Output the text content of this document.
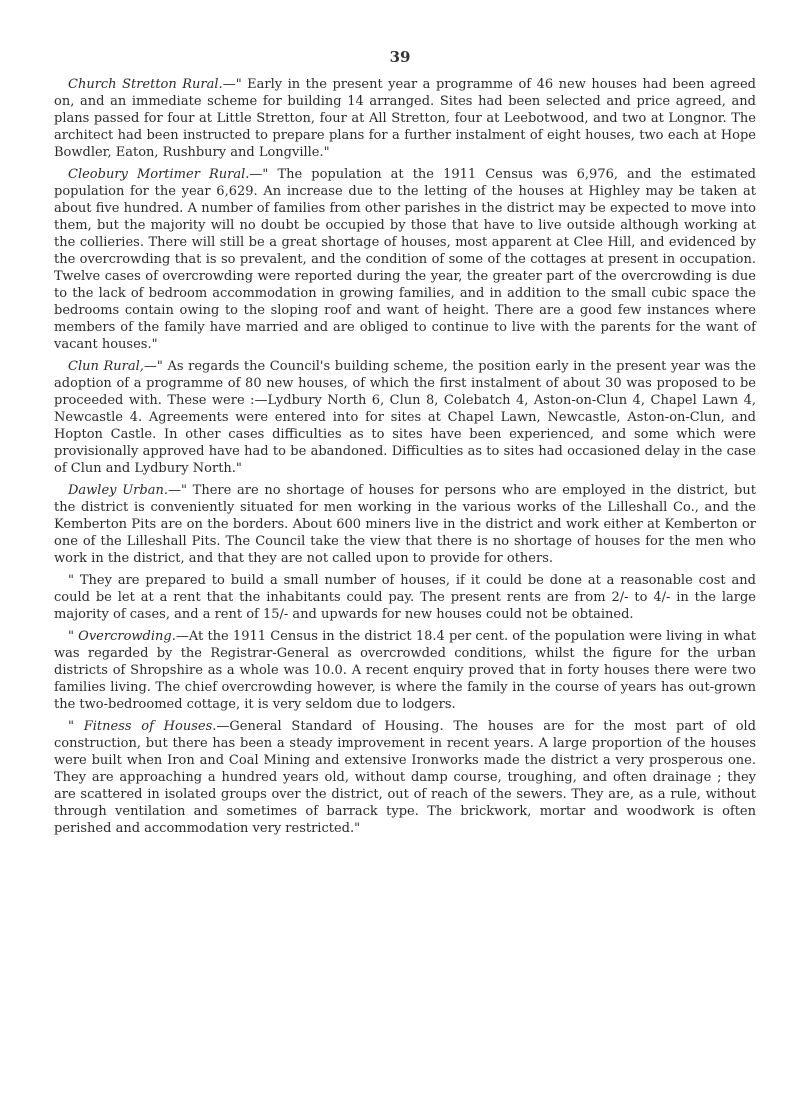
39

Church Stretton Rural.—" Early in the present year a programme of 46 new houses had been agreed on, and an immediate scheme for building 14 arranged. Sites had been selected and price agreed, and plans passed for four at Little Stretton, four at All Stretton, four at Leebotwood, and two at Longnor. The architect had been instructed to prepare plans for a further instalment of eight houses, two each at Hope Bowdler, Eaton, Rushbury and Longville."

Cleobury Mortimer Rural.—" The population at the 1911 Census was 6,976, and the estimated population for the year 6,629. An increase due to the letting of the houses at Highley may be taken at about five hundred. A number of families from other parishes in the district may be expected to move into them, but the majority will no doubt be occupied by those that have to live outside although working at the collieries. There will still be a great shortage of houses, most apparent at Clee Hill, and evidenced by the overcrowding that is so prevalent, and the condition of some of the cottages at present in occupation. Twelve cases of overcrowding were reported during the year, the greater part of the overcrowding is due to the lack of bedroom accommodation in growing families, and in addition to the small cubic space the bedrooms contain owing to the sloping roof and want of height. There are a good few instances where members of the family have married and are obliged to continue to live with the parents for the want of vacant houses."

Clun Rural,—" As regards the Council's building scheme, the position early in the present year was the adoption of a programme of 80 new houses, of which the first instalment of about 30 was proposed to be proceeded with. These were :—Lydbury North 6, Clun 8, Colebatch 4, Aston-on-Clun 4, Chapel Lawn 4, Newcastle 4. Agreements were entered into for sites at Chapel Lawn, Newcastle, Aston-on-Clun, and Hopton Castle. In other cases difficulties as to sites have been experienced, and some which were provisionally approved have had to be abandoned. Difficulties as to sites had occasioned delay in the case of Clun and Lydbury North."

Dawley Urban.—" There are no shortage of houses for persons who are employed in the district, but the district is conveniently situated for men working in the various works of the Lilleshall Co., and the Kemberton Pits are on the borders. About 600 miners live in the district and work either at Kemberton or one of the Lilleshall Pits. The Council take the view that there is no shortage of houses for the men who work in the district, and that they are not called upon to provide for others.

" They are prepared to build a small number of houses, if it could be done at a reasonable cost and could be let at a rent that the inhabitants could pay. The present rents are from 2/- to 4/- in the large majority of cases, and a rent of 15/- and upwards for new houses could not be obtained.

" Overcrowding.—At the 1911 Census in the district 18.4 per cent. of the population were living in what was regarded by the Registrar-General as overcrowded conditions, whilst the figure for the urban districts of Shropshire as a whole was 10.0. A recent enquiry proved that in forty houses there were two families living. The chief overcrowding however, is where the family in the course of years has out-grown the two-bedroomed cottage, it is very seldom due to lodgers.

" Fitness of Houses.—General Standard of Housing. The houses are for the most part of old construction, but there has been a steady improvement in recent years. A large proportion of the houses were built when Iron and Coal Mining and extensive Ironworks made the district a very prosperous one. They are approaching a hundred years old, without damp course, troughing, and often drainage ; they are scattered in isolated groups over the district, out of reach of the sewers. They are, as a rule, without through ventilation and sometimes of barrack type. The brickwork, mortar and woodwork is often perished and accommodation very restricted."
